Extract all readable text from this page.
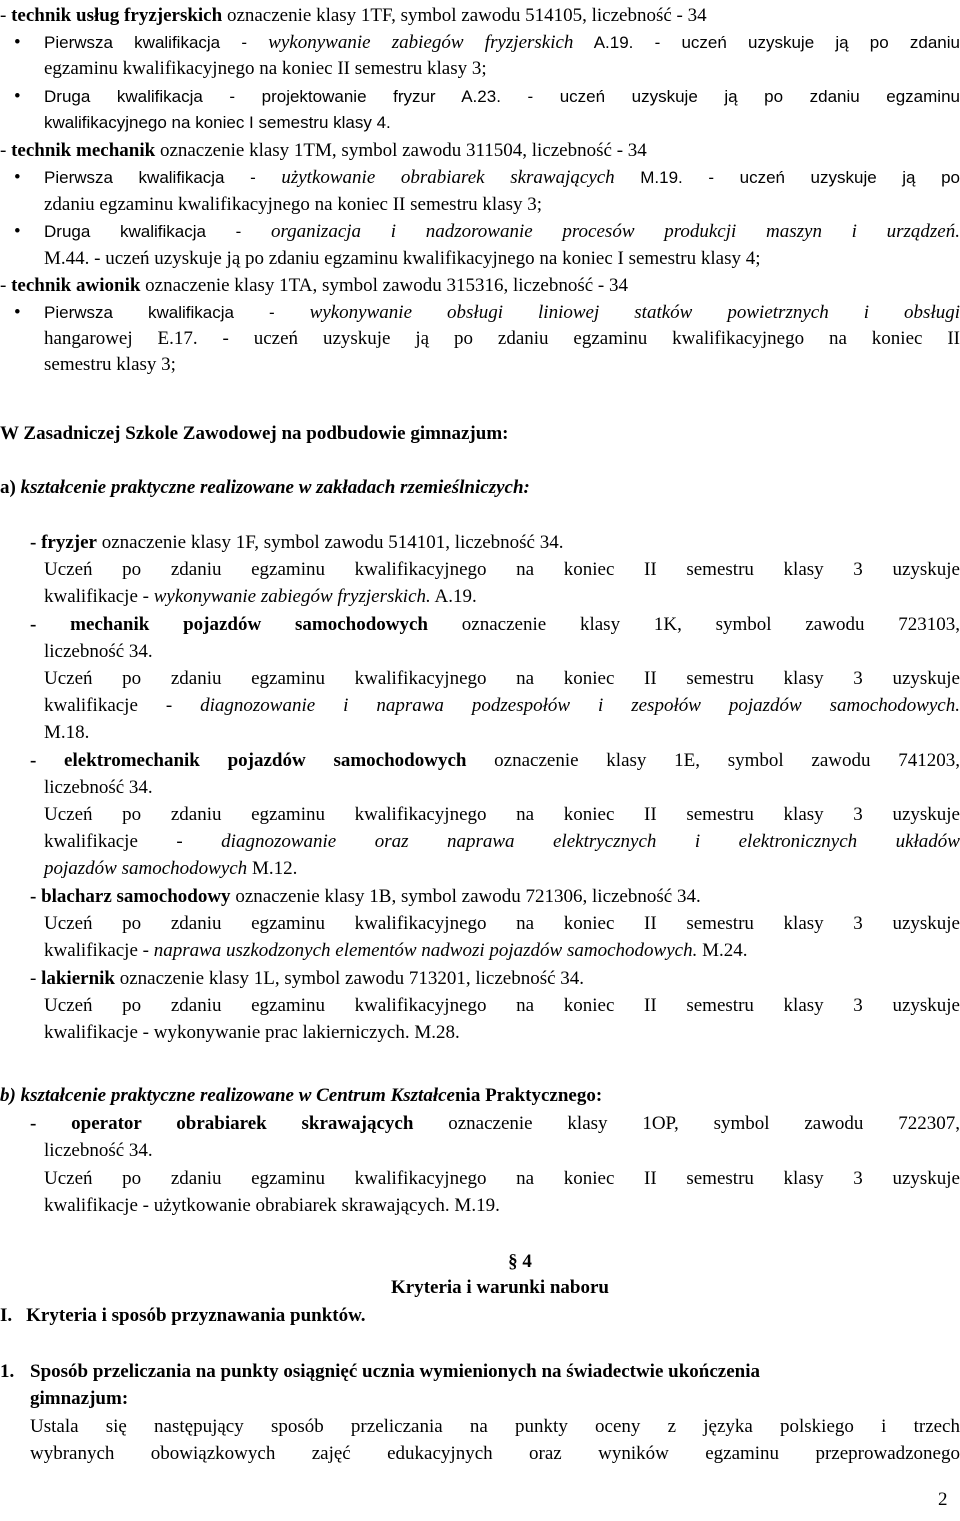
- technik usług fryzjerskich oznaczenie klasy 1TF, symbol zawodu 514105, liczebność - 34
•
Pierwsza kwalifikacja - wykonywanie zabiegów fryzjerskich A.19. - uczeń uzyskuje ją po zdaniu
egzaminu kwalifikacyjnego na koniec II semestru klasy 3;
•
Druga kwalifikacja - projektowanie fryzur A.23. - uczeń uzyskuje ją po zdaniu egzaminu
kwalifikacyjnego na koniec I semestru klasy 4.
- technik mechanik oznaczenie klasy 1TM, symbol zawodu 311504, liczebność - 34
•
Pierwsza kwalifikacja - użytkowanie obrabiarek skrawających M.19. - uczeń uzyskuje ją po
zdaniu egzaminu kwalifikacyjnego na koniec II semestru klasy 3;
•
Druga kwalifikacja - organizacja i nadzorowanie procesów produkcji maszyn i urządzeń.
M.44. - uczeń uzyskuje ją po zdaniu egzaminu kwalifikacyjnego na koniec I semestru klasy 4;
- technik awionik oznaczenie klasy 1TA, symbol zawodu 315316, liczebność - 34
•
Pierwsza kwalifikacja - wykonywanie obsługi liniowej statków powietrznych i obsługi
hangarowej E.17. - uczeń uzyskuje ją po zdaniu egzaminu kwalifikacyjnego na koniec II
semestru klasy 3;
W Zasadniczej Szkole Zawodowej na podbudowie gimnazjum:
a) kształcenie praktyczne realizowane w zakładach rzemieślniczych:
- fryzjer oznaczenie klasy 1F, symbol zawodu 514101, liczebność 34.
Uczeń po zdaniu egzaminu kwalifikacyjnego na koniec II semestru klasy 3 uzyskuje
kwalifikacje - wykonywanie zabiegów fryzjerskich. A.19.
- mechanik pojazdów samochodowych oznaczenie klasy 1K, symbol zawodu 723103,
liczebność 34.
Uczeń po zdaniu egzaminu kwalifikacyjnego na koniec II semestru klasy 3 uzyskuje
kwalifikacje - diagnozowanie i naprawa podzespołów i zespołów pojazdów samochodowych.
M.18.
- elektromechanik pojazdów samochodowych oznaczenie klasy 1E, symbol zawodu 741203,
liczebność 34.
Uczeń po zdaniu egzaminu kwalifikacyjnego na koniec II semestru klasy 3 uzyskuje
kwalifikacje - diagnozowanie oraz naprawa elektrycznych i elektronicznych układów
pojazdów samochodowych M.12.
- blacharz samochodowy oznaczenie klasy 1B, symbol zawodu 721306, liczebność 34.
Uczeń po zdaniu egzaminu kwalifikacyjnego na koniec II semestru klasy 3 uzyskuje
kwalifikacje - naprawa uszkodzonych elementów nadwozi pojazdów samochodowych. M.24.
- lakiernik oznaczenie klasy 1L, symbol zawodu 713201, liczebność 34.
Uczeń po zdaniu egzaminu kwalifikacyjnego na koniec II semestru klasy 3 uzyskuje
kwalifikacje - wykonywanie prac lakierniczych. M.28.
b) kształcenie praktyczne realizowane w Centrum Kształcenia Praktycznego:
- operator obrabiarek skrawających oznaczenie klasy 1OP, symbol zawodu 722307,
liczebność 34.
Uczeń po zdaniu egzaminu kwalifikacyjnego na koniec II semestru klasy 3 uzyskuje
kwalifikacje - użytkowanie obrabiarek skrawających. M.19.
§ 4
Kryteria i warunki naboru
I. Kryteria i sposób przyznawania punktów.
1. Sposób przeliczania na punkty osiągnięć ucznia wymienionych na świadectwie ukończenia
gimnazjum:
Ustala się następujący sposób przeliczania na punkty oceny z języka polskiego i trzech
wybranych obowiązkowych zajęć edukacyjnych oraz wyników egzaminu przeprowadzonego
2
